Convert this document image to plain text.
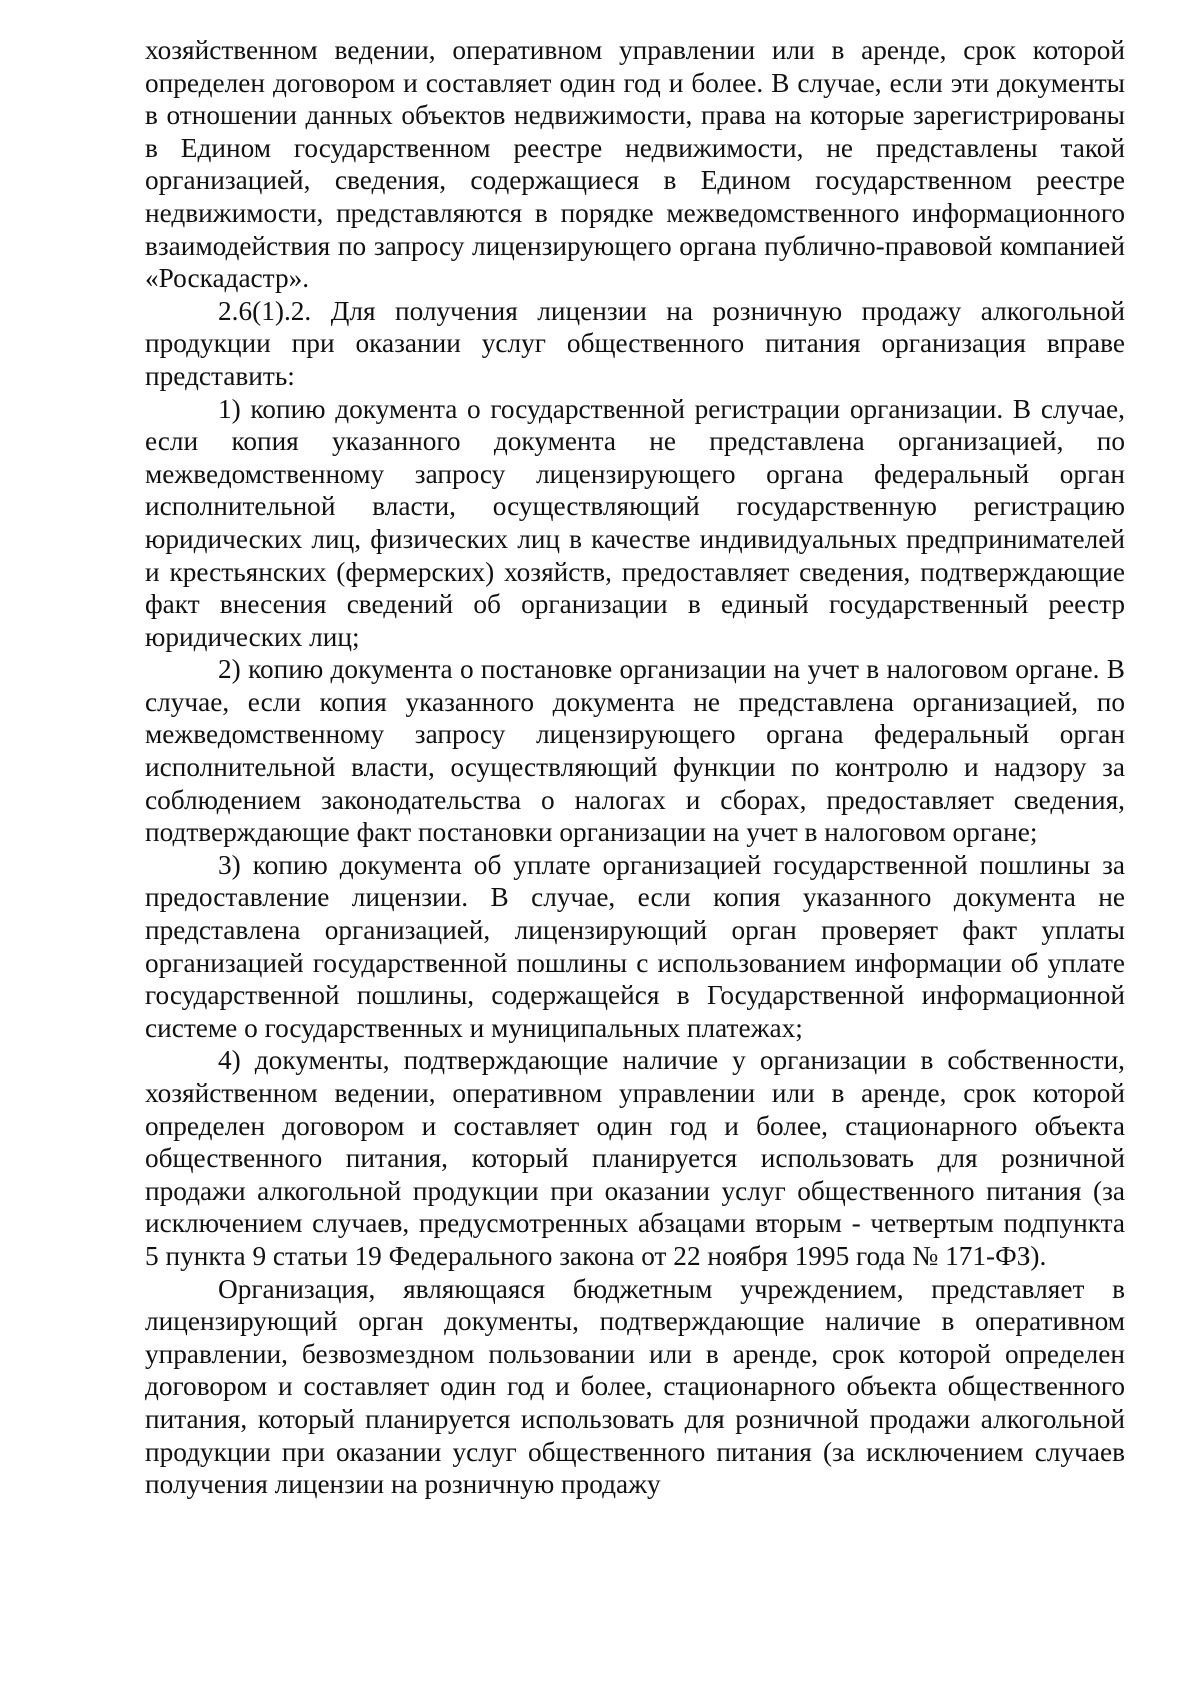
хозяйственном ведении, оперативном управлении или в аренде, срок которой определен договором и составляет один год и более. В случае, если эти документы в отношении данных объектов недвижимости, права на которые зарегистрированы в Едином государственном реестре недвижимости, не представлены такой организацией, сведения, содержащиеся в Едином государственном реестре недвижимости, представляются в порядке межведомственного информационного взаимодействия по запросу лицензирующего органа публично-правовой компанией «Роскадастр».

2.6(1).2. Для получения лицензии на розничную продажу алкогольной продукции при оказании услуг общественного питания организация вправе представить:

1) копию документа о государственной регистрации организации. В случае, если копия указанного документа не представлена организацией, по межведомственному запросу лицензирующего органа федеральный орган исполнительной власти, осуществляющий государственную регистрацию юридических лиц, физических лиц в качестве индивидуальных предпринимателей и крестьянских (фермерских) хозяйств, предоставляет сведения, подтверждающие факт внесения сведений об организации в единый государственный реестр юридических лиц;

2) копию документа о постановке организации на учет в налоговом органе. В случае, если копия указанного документа не представлена организацией, по межведомственному запросу лицензирующего органа федеральный орган исполнительной власти, осуществляющий функции по контролю и надзору за соблюдением законодательства о налогах и сборах, предоставляет сведения, подтверждающие факт постановки организации на учет в налоговом органе;

3) копию документа об уплате организацией государственной пошлины за предоставление лицензии. В случае, если копия указанного документа не представлена организацией, лицензирующий орган проверяет факт уплаты организацией государственной пошлины с использованием информации об уплате государственной пошлины, содержащейся в Государственной информационной системе о государственных и муниципальных платежах;

4) документы, подтверждающие наличие у организации в собственности, хозяйственном ведении, оперативном управлении или в аренде, срок которой определен договором и составляет один год и более, стационарного объекта общественного питания, который планируется использовать для розничной продажи алкогольной продукции при оказании услуг общественного питания (за исключением случаев, предусмотренных абзацами вторым - четвертым подпункта 5 пункта 9 статьи 19 Федерального закона от 22 ноября 1995 года № 171-ФЗ).

Организация, являющаяся бюджетным учреждением, представляет в лицензирующий орган документы, подтверждающие наличие в оперативном управлении, безвозмездном пользовании или в аренде, срок которой определен договором и составляет один год и более, стационарного объекта общественного питания, который планируется использовать для розничной продажи алкогольной продукции при оказании услуг общественного питания (за исключением случаев получения лицензии на розничную продажу
